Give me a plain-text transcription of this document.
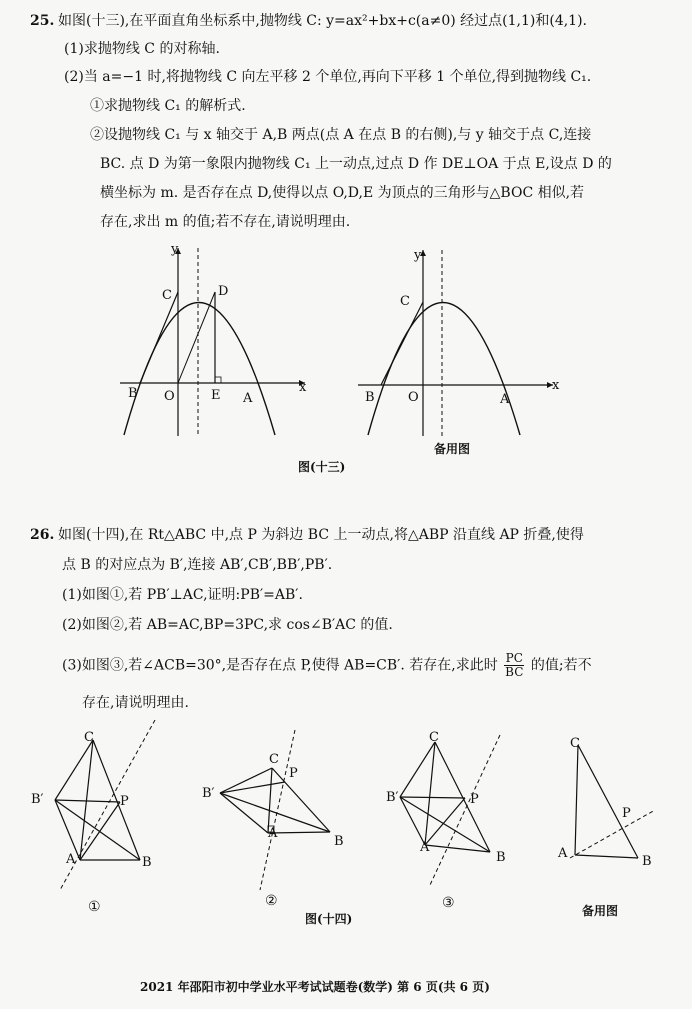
25. 如图(十三),在平面直角坐标系中,抛物线 C: y=ax²+bx+c(a≠0) 经过点(1,1)和(4,1).
(1)求抛物线 C 的对称轴.
(2)当 a=−1 时,将抛物线 C 向左平移 2 个单位,再向下平移 1 个单位,得到抛物线 C₁.
①求抛物线 C₁ 的解析式.
②设抛物线 C₁ 与 x 轴交于 A,B 两点(点 A 在点 B 的右侧),与 y 轴交于点 C,连接
BC. 点 D 为第一象限内抛物线 C₁ 上一动点,过点 D 作 DE⊥OA 于点 E,设点 D 的
横坐标为 m. 是否存在点 D,使得以点 O,D,E 为顶点的三角形与△BOC 相似,若
存在,求出 m 的值;若不存在,请说明理由.
y
x
C	D
B O	E A
y
x
C
B	O	A
图(十三)
备用图
26. 如图(十四),在 Rt△ABC 中,点 P 为斜边 BC 上一动点,将△ABP 沿直线 AP 折叠,使得
点 B 的对应点为 B′,连接 AB′,CB′,BB′,PB′.
(1)如图①,若 PB′⊥AC,证明:PB′=AB′.
(2)如图②,若 AB=AC,BP=3PC,求 cos∠B′AC 的值.
(3)如图③,若∠ACB=30°,是否存在点 P,使得 AB=CB′. 若存在,求此时 $\frac{PC}{BC}$ 的值;若不
存在,请说明理由.
C
B′	P
A	B
①
C
B′
P
A
B
②
图(十四)
C
B′	P
A
B
③
C
P
A
B
备用图
2021 年邵阳市初中学业水平考试试题卷(数学) 第 6 页(共 6 页)
